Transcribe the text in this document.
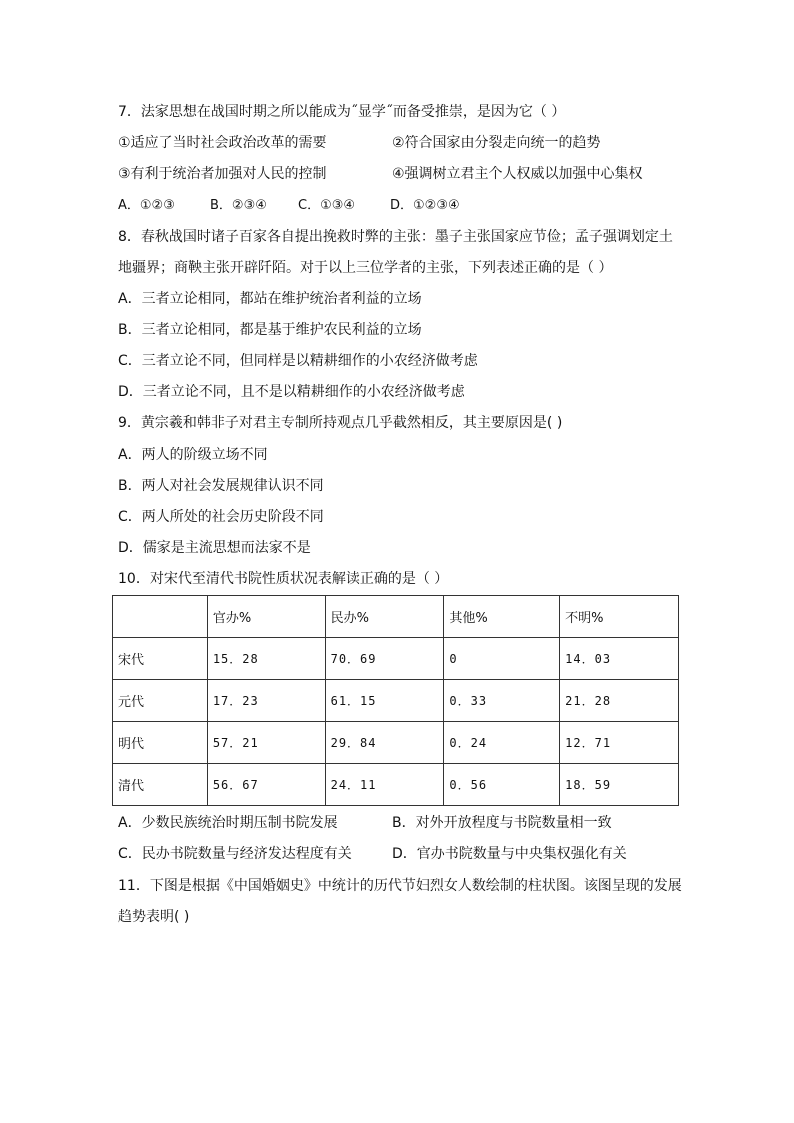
7．法家思想在战国时期之所以能成为˝显学˝而备受推崇，是因为它（ ）
①适应了当时社会政治改革的需要	②符合国家由分裂走向统一的趋势
③有利于统治者加强对人民的控制	④强调树立君主个人权威以加强中心集权
A．①②③	B．②③④ C．①③④	D．①②③④
8．春秋战国时诸子百家各自提出挽救时弊的主张：墨子主张国家应节俭；孟子强调划定土
地疆界；商鞅主张开辟阡陌。对于以上三位学者的主张，下列表述正确的是（ ）
A．三者立论相同，都站在维护统治者利益的立场
B．三者立论相同，都是基于维护农民利益的立场
C．三者立论不同，但同样是以精耕细作的小农经济做考虑
D．三者立论不同，且不是以精耕细作的小农经济做考虑
9．黄宗羲和韩非子对君主专制所持观点几乎截然相反，其主要原因是( )
A．两人的阶级立场不同
B．两人对社会发展规律认识不同
C．两人所处的社会历史阶段不同
D．儒家是主流思想而法家不是
10．对宋代至清代书院性质状况表解读正确的是（ ）
	官办%	民办%	其他%	不明%
宋代	15．28	70．69	0	14．03
元代	17．23	61．15	0．33	21．28
明代	57．21	29．84	0．24	12．71
清代	56．67	24．11	0．56	18．59
A．少数民族统治时期压制书院发展	B．对外开放程度与书院数量相一致
C．民办书院数量与经济发达程度有关	D．官办书院数量与中央集权强化有关
11．下图是根据《中国婚姻史》中统计的历代节妇烈女人数绘制的柱状图。该图呈现的发展
趋势表明( )
